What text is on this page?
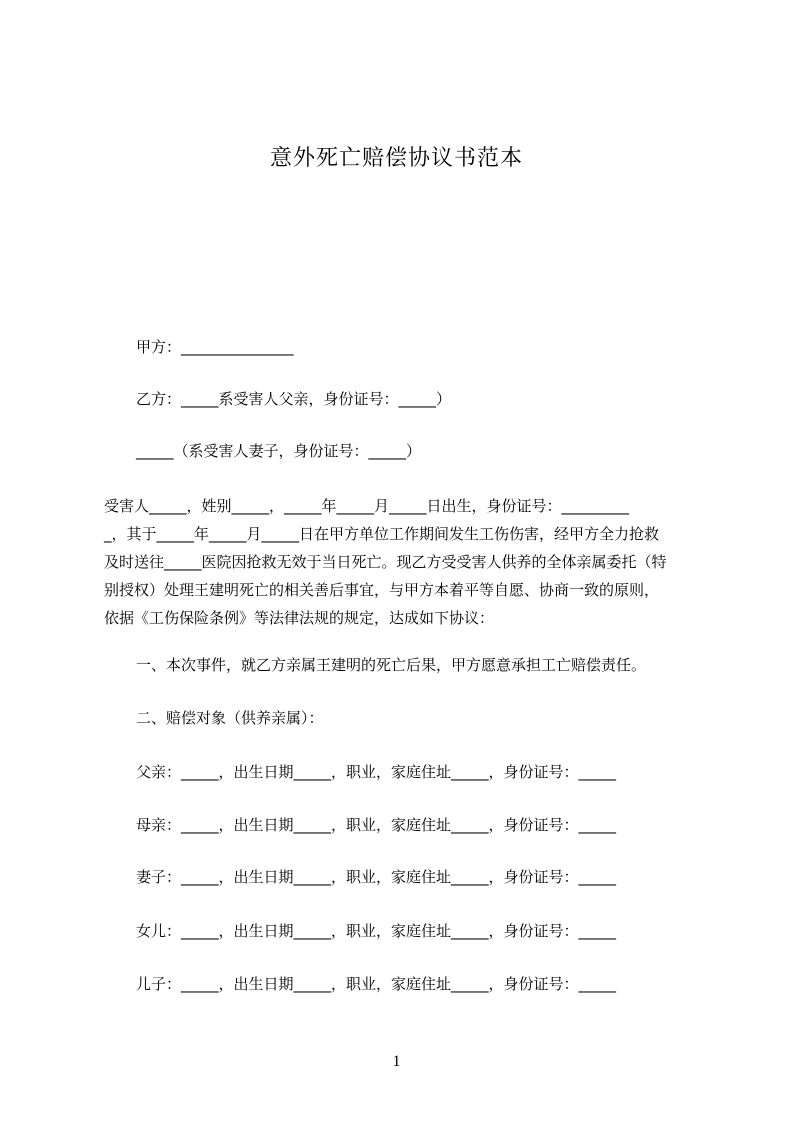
意外死亡赔偿协议书范本
甲方：_______________
乙方：_____系受害人父亲，身份证号：_____）
_____（系受害人妻子，身份证号：_____）
受害人_____，姓别_____，_____年_____月_____日出生，身份证号：_________
_，其于_____年_____月_____日在甲方单位工作期间发生工伤伤害，经甲方全力抢救
及时送往_____医院因抢救无效于当日死亡。现乙方受受害人供养的全体亲属委托（特
别授权）处理王建明死亡的相关善后事宜，与甲方本着平等自愿、协商一致的原则，
依据《工伤保险条例》等法律法规的规定，达成如下协议：
一、本次事件，就乙方亲属王建明的死亡后果，甲方愿意承担工亡赔偿责任。
二、赔偿对象（供养亲属）：
父亲：_____，出生日期_____，职业，家庭住址_____，身份证号：_____
母亲：_____，出生日期_____，职业，家庭住址_____，身份证号：_____
妻子：_____，出生日期_____，职业，家庭住址_____，身份证号：_____
女儿：_____，出生日期_____，职业，家庭住址_____，身份证号：_____
儿子：_____，出生日期_____，职业，家庭住址_____，身份证号：_____
1
